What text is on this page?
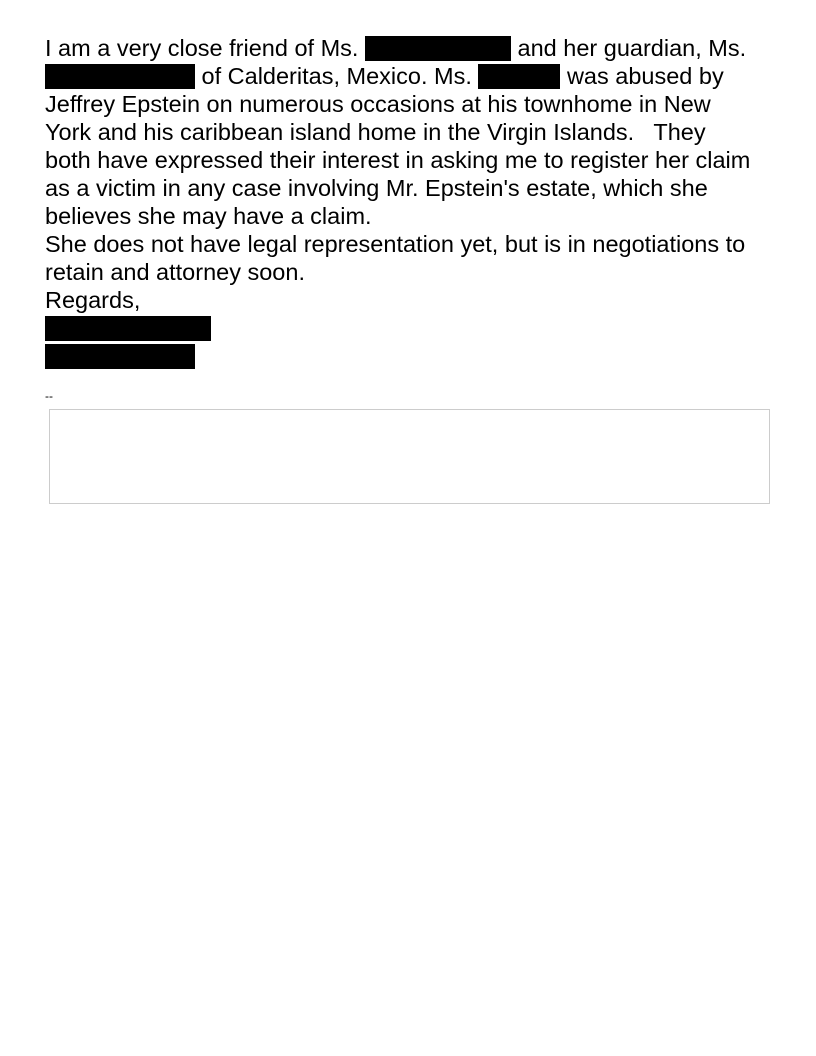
I am a very close friend of Ms.	and her guardian, Ms.
of Calderitas, Mexico. Ms.	was abused by
Jeffrey Epstein on numerous occasions at his townhome in New
York and his caribbean island home in the Virgin Islands.   They
both have expressed their interest in asking me to register her claim
as a victim in any case involving Mr. Epstein's estate, which she
believes she may have a claim.
She does not have legal representation yet, but is in negotiations to
retain and attorney soon.
Regards,
--
